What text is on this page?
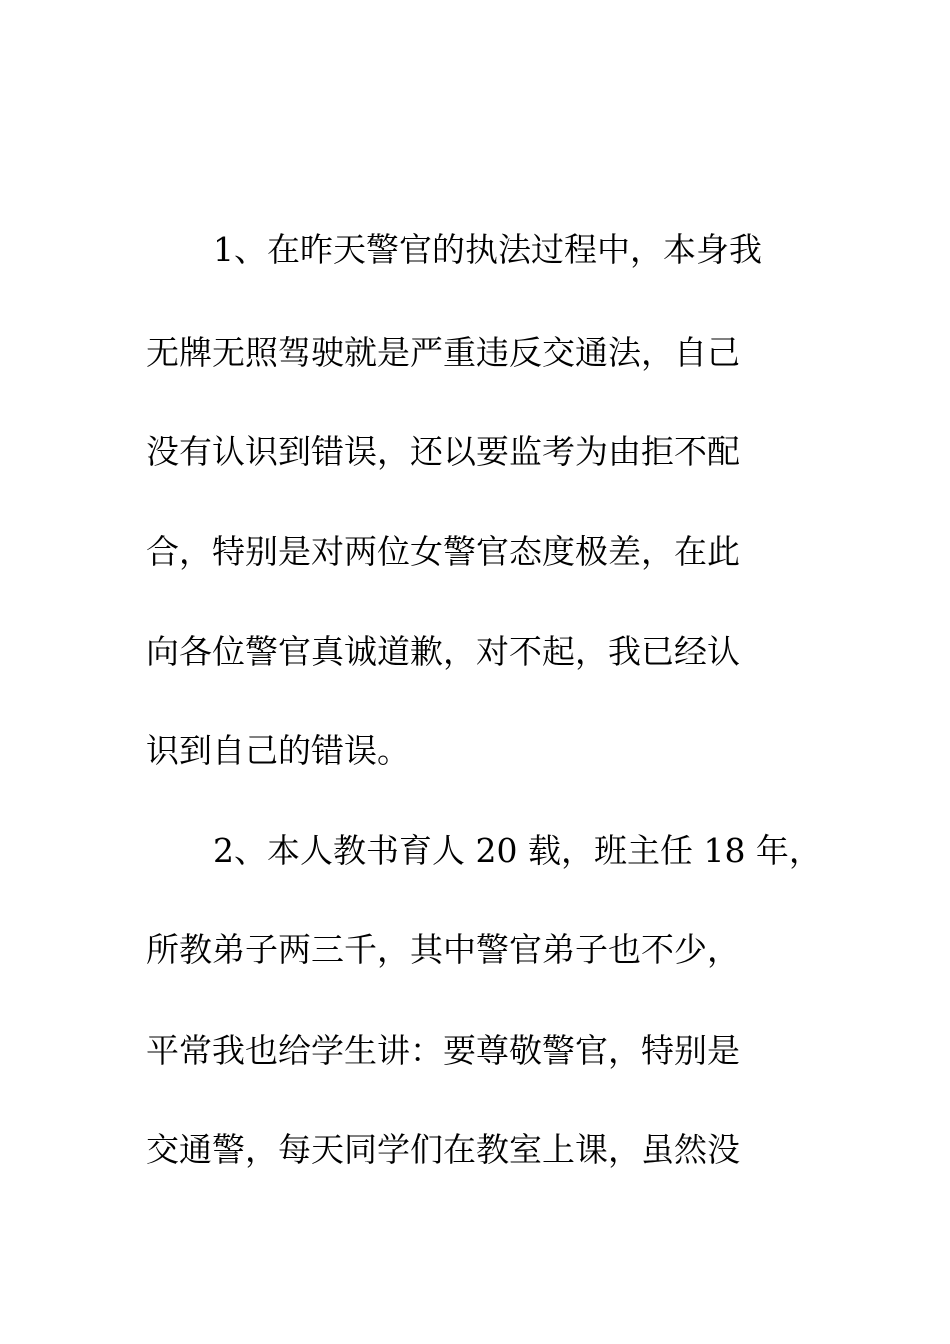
1、在昨天警官的执法过程中，本身我
无牌无照驾驶就是严重违反交通法，自己
没有认识到错误，还以要监考为由拒不配
合，特别是对两位女警官态度极差，在此
向各位警官真诚道歉，对不起，我已经认
识到自己的错误。
2、本人教书育人 20 载，班主任 18 年，
所教弟子两三千，其中警官弟子也不少，
平常我也给学生讲：要尊敬警官，特别是
交通警，每天同学们在教室上课，虽然没
